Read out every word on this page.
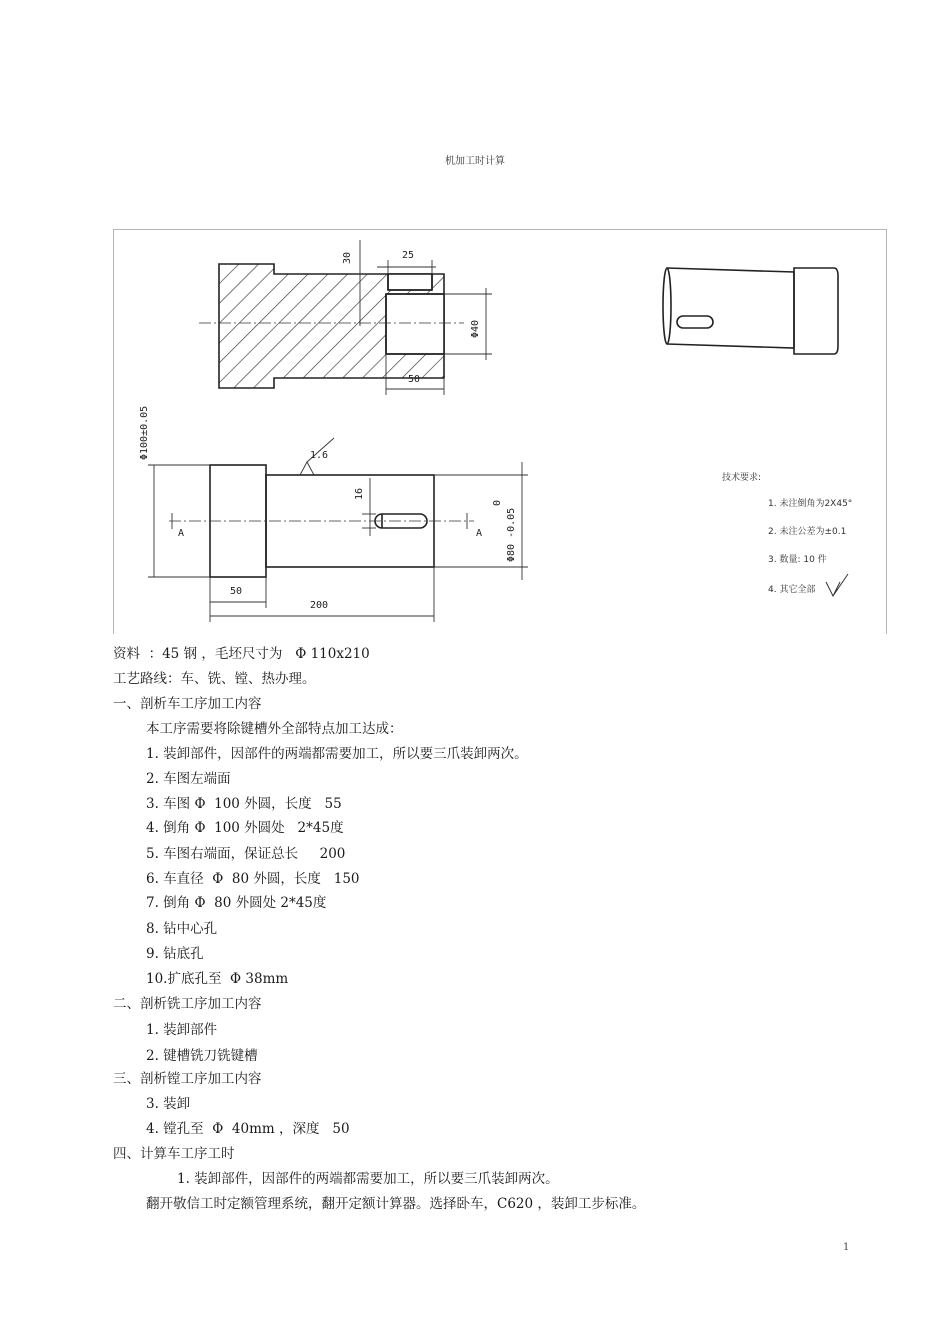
机加工时计算
30	25
Φ40
50
Φ100±0.05	1.6
16
Φ80 -0.05
0
50
200
A	A
技术要求:
1. 未注倒角为2X45°
2. 未注公差为±0.1
3. 数量: 10 件
4. 其它全部
资料  ：45 钢 ，毛坯尺寸为   Φ 110x210
工艺路线：车、铣、镗、热办理。
一、剖析车工序加工内容
本工序需要将除键槽外全部特点加工达成：
1. 装卸部件，因部件的两端都需要加工，所以要三爪装卸两次。
2. 车图左端面
3. 车图 Φ  100 外圆，长度   55
4. 倒角 Φ  100 外圆处   2*45度
5. 车图右端面，保证总长     200
6. 车直径  Φ  80 外圆，长度   150
7. 倒角 Φ  80 外圆处 2*45度
8. 钻中心孔
9. 钻底孔
10.扩底孔至  Φ 38mm
二、剖析铣工序加工内容
1. 装卸部件
2. 键槽铣刀铣键槽
三、剖析镗工序加工内容
3. 装卸
4. 镗孔至  Φ  40mm ，深度   50
四、计算车工序工时
1. 装卸部件，因部件的两端都需要加工，所以要三爪装卸两次。
翻开敬信工时定额管理系统，翻开定额计算器。选择卧车，C620 ，装卸工步标准。
1
